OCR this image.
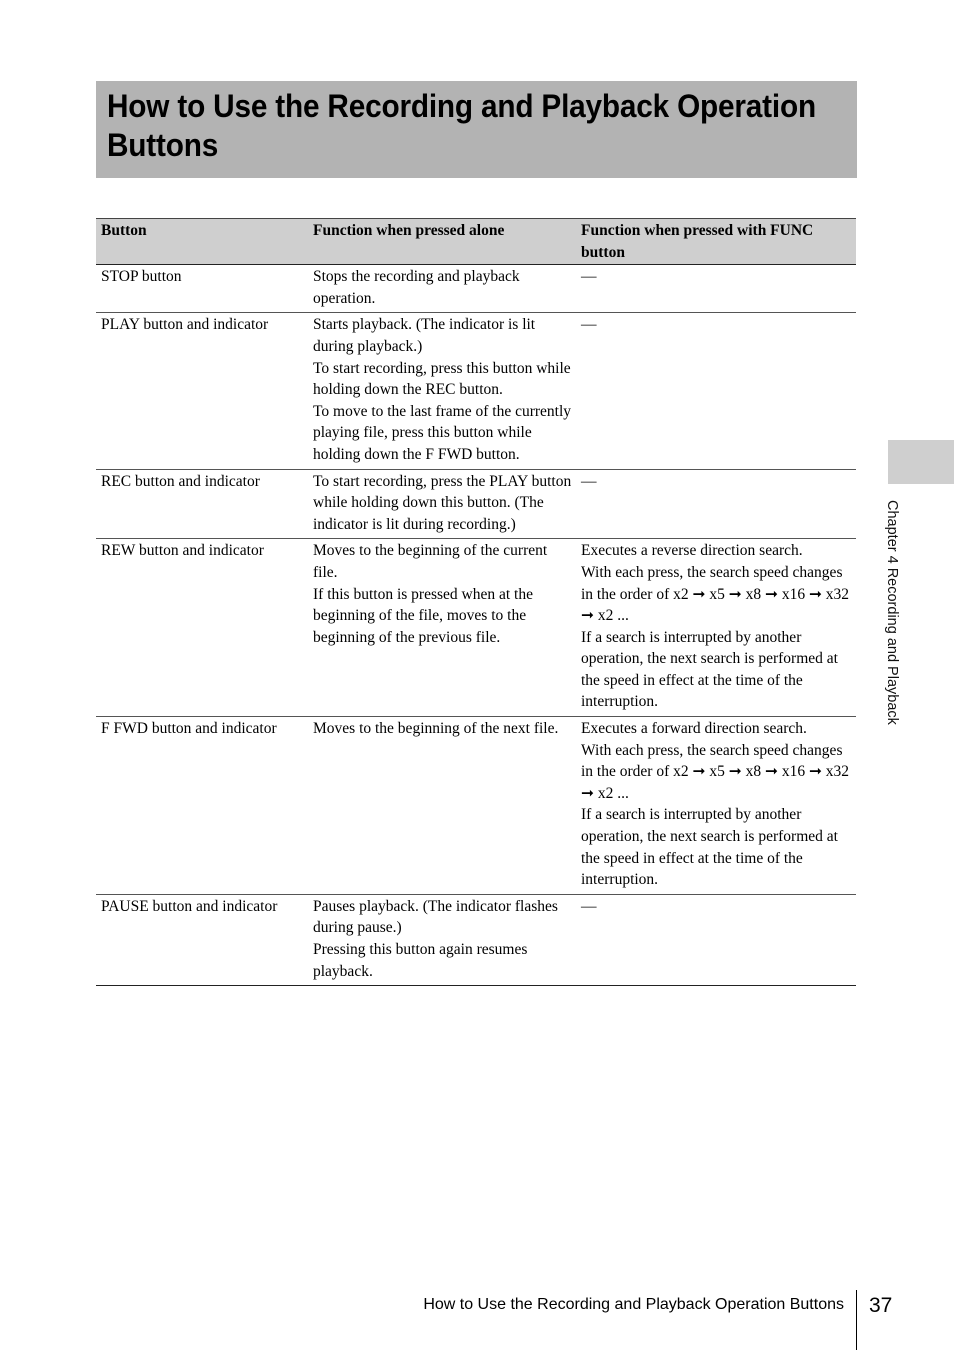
How to Use the Recording and Playback Operation Buttons
Button	Function when pressed alone	Function when pressed with FUNC button
STOP button	Stops the recording and playback operation.	—

PLAY button and indicator	Starts playback. (The indicator is lit during playback.)
To start recording, press this button while holding down the REC button.
To move to the last frame of the currently playing file, press this button while holding down the F FWD button.	—

REC button and indicator	To start recording, press the PLAY button while holding down this button. (The indicator is lit during recording.)	—

REW button and indicator	Moves to the beginning of the current file.
If this button is pressed when at the beginning of the file, moves to the beginning of the previous file.	Executes a reverse direction search.
With each press, the search speed changes in the order of x2 ➞ x5 ➞ x8 ➞ x16 ➞ x32 ➞ x2 ...
If a search is interrupted by another operation, the next search is performed at the speed in effect at the time of the interruption.

F FWD button and indicator	Moves to the beginning of the next file.	Executes a forward direction search.
With each press, the search speed changes in the order of x2 ➞ x5 ➞ x8 ➞ x16 ➞ x32 ➞ x2 ...
If a search is interrupted by another operation, the next search is performed at the speed in effect at the time of the interruption.

PAUSE button and indicator	Pauses playback. (The indicator flashes during pause.)
Pressing this button again resumes playback.	—
Chapter 4 Recording and Playback
How to Use the Recording and Playback Operation Buttons 37
